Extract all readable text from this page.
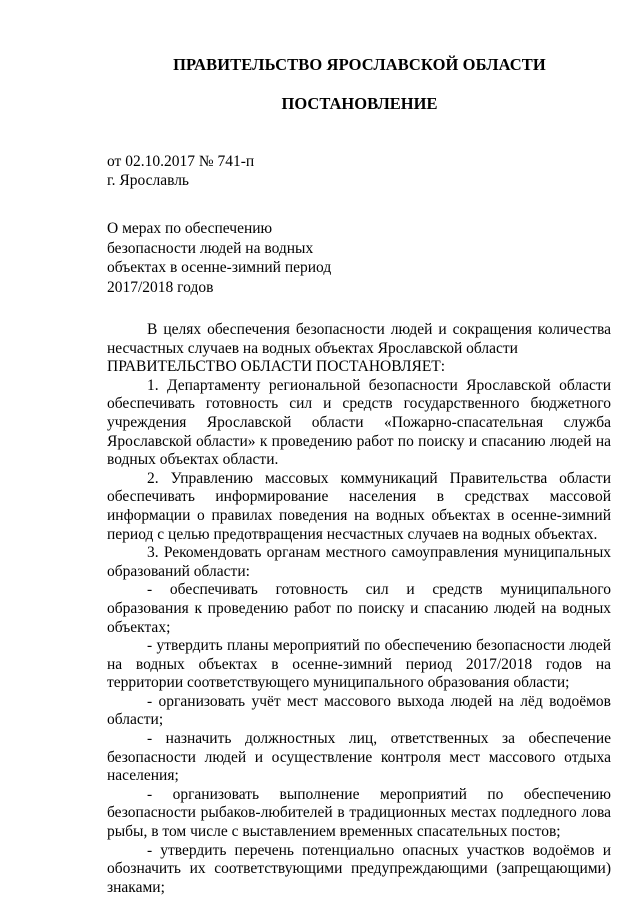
ПРАВИТЕЛЬСТВО ЯРОСЛАВСКОЙ ОБЛАСТИ
ПОСТАНОВЛЕНИЕ
от 02.10.2017 № 741-п
г. Ярославль
О мерах по обеспечению
безопасности людей на водных
объектах в осенне-зимний период
2017/2018 годов

В целях обеспечения безопасности людей и сокращения количества несчастных случаев на водных объектах Ярославской области

ПРАВИТЕЛЬСТВО ОБЛАСТИ ПОСТАНОВЛЯЕТ:

1. Департаменту региональной безопасности Ярославской области обеспечивать готовность сил и средств государственного бюджетного учреждения Ярославской области «Пожарно-спасательная служба Ярославской области» к проведению работ по поиску и спасанию людей на водных объектах области.

2. Управлению массовых коммуникаций Правительства области обеспечивать информирование населения в средствах массовой информации о правилах поведения на водных объектах в осенне-зимний период с целью предотвращения несчастных случаев на водных объектах.

3. Рекомендовать органам местного самоуправления муниципальных образований области:

- обеспечивать готовность сил и средств муниципального образования к проведению работ по поиску и спасанию людей на водных объектах;

- утвердить планы мероприятий по обеспечению безопасности людей на водных объектах в осенне-зимний период 2017/2018 годов на территории соответствующего муниципального образования области;

- организовать учёт мест массового выхода людей на лёд водоёмов области;

- назначить должностных лиц, ответственных за обеспечение безопасности людей и осуществление контроля мест массового отдыха населения;

- организовать выполнение мероприятий по обеспечению безопасности рыбаков-любителей в традиционных местах подледного лова рыбы, в том числе с выставлением временных спасательных постов;

- утвердить перечень потенциально опасных участков водоёмов и обозначить их соответствующими предупреждающими (запрещающими) знаками;
